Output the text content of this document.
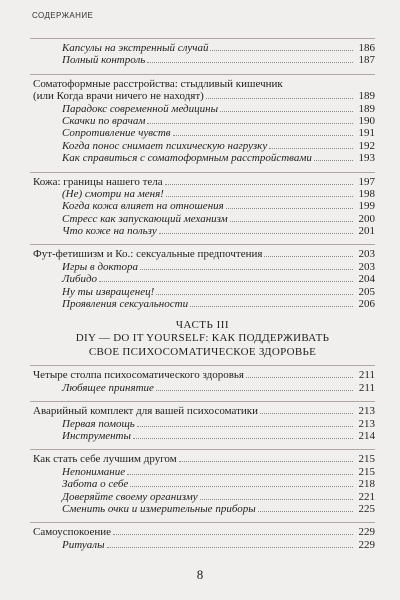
СОДЕРЖАНИЕ
Капсулы на экстренный случай	186
Полный контроль	187
Соматоформные расстройства: стыдливый кишечник
(или Когда врачи ничего не находят)	189
Парадокс современной медицины	189
Скачки по врачам	190
Сопротивление чувств	191
Когда понос снимает психическую нагрузку	192
Как справиться с соматоформным расстройствами	193
Кожа: границы нашего тела	197
(Не) смотри на меня!	198
Когда кожа влияет на отношения	199
Стресс как запускающий механизм	200
Что коже на пользу	201
Фут-фетишизм и Ко.: сексуальные предпочтения	203
Игры в доктора	203
Либидо	204
Ну ты извращенец!	205
Проявления сексуальности	206
ЧАСТЬ III
DIY — DO IT YOURSELF: КАК ПОДДЕРЖИВАТЬ
СВОЕ ПСИХОСОМАТИЧЕСКОЕ ЗДОРОВЬЕ
Четыре столпа психосоматического здоровья	211
Любящее принятие	211
Аварийный комплект для вашей психосоматики	213
Первая помощь	213
Инструменты	214
Как стать себе лучшим другом	215
Непонимание	215
Забота о себе	218
Доверяйте своему организму	221
Сменить очки и измерительные приборы	225
Самоуспокоение	229
Ритуалы	229
8
